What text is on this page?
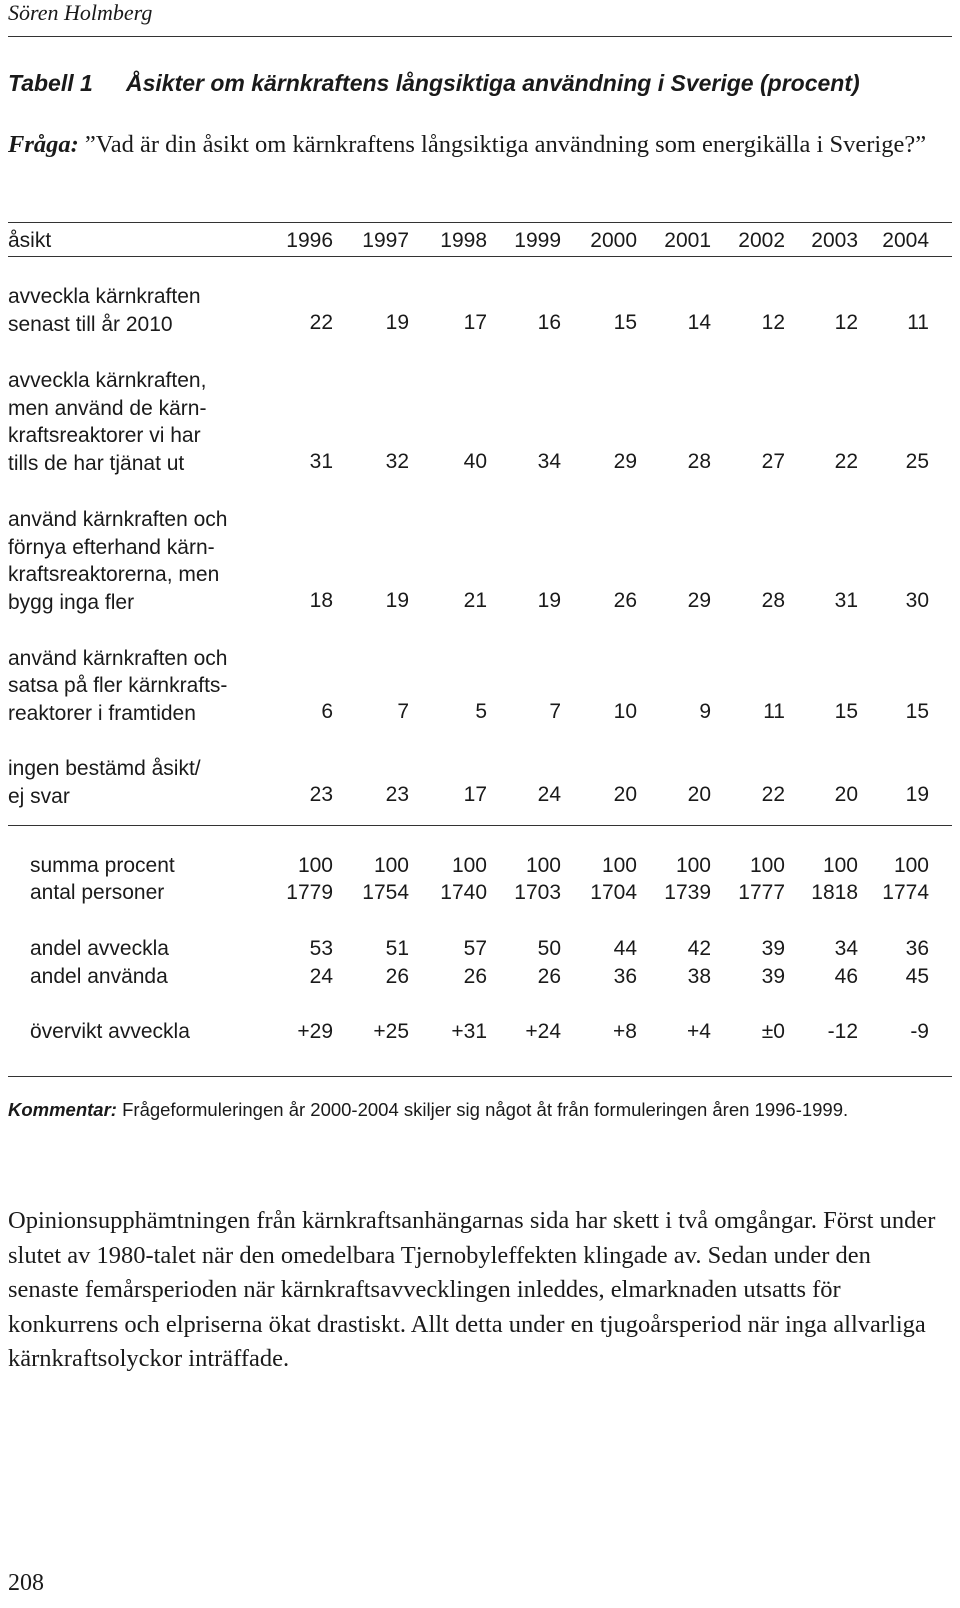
Sören Holmberg
Tabell 1 Åsikter om kärnkraftens långsiktiga användning i Sverige (procent)
Fråga: ”Vad är din åsikt om kärnkraftens långsiktiga användning som energikälla i Sverige?”
åsikt	1996	1997	1998	1999	2000	2001	2002	2003	2004
avveckla kärnkraften
senast till år 2010	22	19	17	16	15	14	12	12	11
avveckla kärnkraften,
men använd de kärn-
kraftsreaktorer vi har
tills de har tjänat ut	31	32	40	34	29	28	27	22	25
använd kärnkraften och
förnya efterhand kärn-
kraftsreaktorerna, men
bygg inga fler	18	19	21	19	26	29	28	31	30
använd kärnkraften och
satsa på fler kärnkrafts-
reaktorer i framtiden	6	7	5	7	10	9	11	15	15
ingen bestämd åsikt/
ej svar	23	23	17	24	20	20	22	20	19
summa procent	100	100	100	100	100	100	100	100	100
antal personer	1779	1754	1740	1703	1704	1739	1777	1818	1774
andel avveckla	53	51	57	50	44	42	39	34	36
andel använda	24	26	26	26	36	38	39	46	45
övervikt avveckla	+29	+25	+31	+24	+8	+4	±0	-12	-9
Kommentar: Frågeformuleringen år 2000-2004 skiljer sig något åt från formuleringen åren 1996-1999.
Opinionsupphämtningen från kärnkraftsanhängarnas sida har skett i två omgångar. Först under slutet av 1980-talet när den omedelbara Tjernobyleffekten klingade av. Sedan under den senaste femårsperioden när kärnkraftsavvecklingen inleddes, elmarknaden utsatts för konkurrens och elpriserna ökat drastiskt. Allt detta under en tjugoårsperiod när inga allvarliga kärnkraftsolyckor inträffade.
208
